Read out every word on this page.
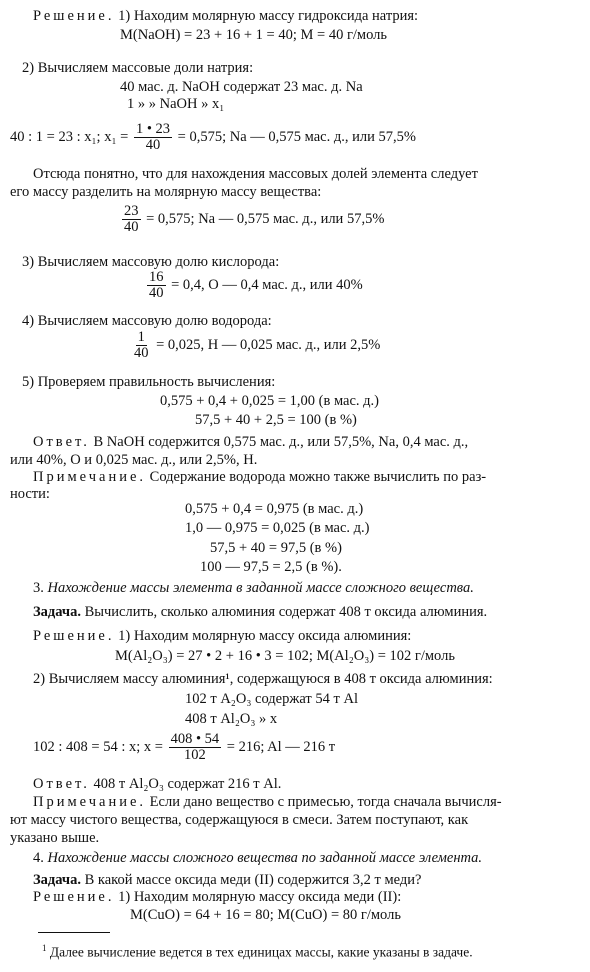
Решение. 1) Находим молярную массу гидроксида натрия:
M(NaOH) = 23 + 16 + 1 = 40; M = 40 г/моль
2) Вычисляем массовые доли натрия:
40 мас. д. NaOH содержат 23 мас. д. Na
1 » » NaOH » x₁
40 : 1 = 23 : x₁; $x_1 = \frac{1 • 23}{40} = 0,575$; Na — 0,575 мас. д., или 57,5%
Отсюда понятно, что для нахождения массовых долей элемента следует
его массу разделить на молярную массу вещества:
$\frac{23}{40} = 0,575$; Na — 0,575 мас. д., или 57,5%
3) Вычисляем массовую долю кислорода:
$\frac{16}{40} = 0,4$, O — 0,4 мас. д., или 40%
4) Вычисляем массовую долю водорода:
$\frac{1}{40} = 0,025$, H — 0,025 мас. д., или 2,5%
5) Проверяем правильность вычисления:
0,575 + 0,4 + 0,025 = 1,00 (в мас. д.)
57,5 + 40 + 2,5 = 100 (в %)
Ответ. В NaOH содержится 0,575 мас. д., или 57,5%, Na, 0,4 мас. д.,
или 40%, O и 0,025 мас. д., или 2,5%, H.
Примечание. Содержание водорода можно также вычислить по раз-
ности:
0,575 + 0,4 = 0,975 (в мас. д.)
1,0 — 0,975 = 0,025 (в мас. д.)
57,5 + 40 = 97,5 (в %)
100 — 97,5 = 2,5 (в %).
3. Нахождение массы элемента в заданной массе сложного вещества.
Задача. Вычислить, сколько алюминия содержат 408 т оксида алюминия.
Решение. 1) Находим молярную массу оксида алюминия:
M(Al₂O₃) = 27 • 2 + 16 • 3 = 102; M(Al₂O₃) = 102 г/моль
2) Вычисляем массу алюминия¹, содержащуюся в 408 т оксида алюминия:
102 т A₂O₃ содержат 54 т Al
408 т Al₂O₃ » x
102 : 408 = 54 : x; $x = \frac{408 • 54}{102} = 216$; Al — 216 т
Ответ. 408 т Al₂O₃ содержат 216 т Al.
Примечание. Если дано вещество с примесью, тогда сначала вычисля-
ют массу чистого вещества, содержащуюся в смеси. Затем поступают, как
указано выше.
4. Нахождение массы сложного вещества по заданной массе элемента.
Задача. В какой массе оксида меди (II) содержится 3,2 т меди?
Решение. 1) Находим молярную массу оксида меди (II):
M(CuO) = 64 + 16 = 80; M(CuO) = 80 г/моль
$^1$ Далее вычисление ведется в тех единицах массы, какие указаны в задаче.
